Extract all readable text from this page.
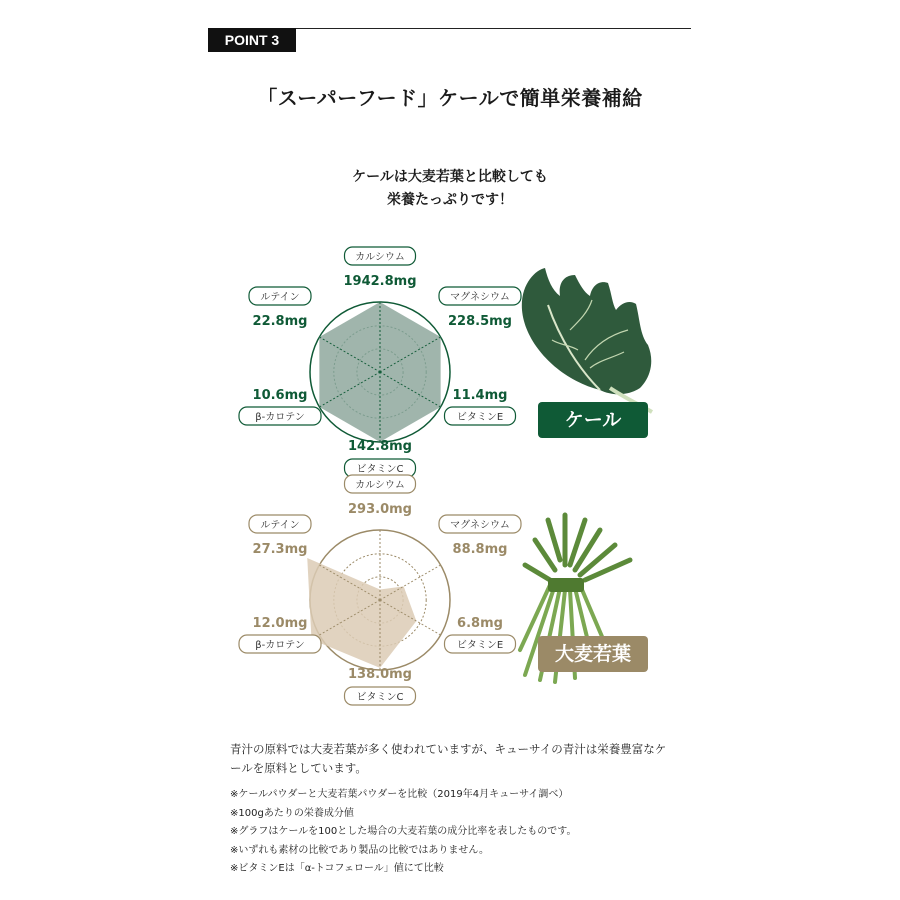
POINT 3
「スーパーフード」ケールで簡単栄養補給
ケールは大麦若葉と比較しても
栄養たっぷりです！
カルシウム
1942.8mg
マグネシウム
228.5mg
ビタミンE
11.4mg
ビタミンC
142.8mg
β-カロテン
10.6mg
ルテイン
22.8mg
カルシウム
293.0mg
マグネシウム
88.8mg
ビタミンE
6.8mg
ビタミンC
138.0mg
β-カロテン
12.0mg
ルテイン
27.3mg
ケール
大麦若葉
青汁の原料では大麦若葉が多く使われていますが、キューサイの青汁は栄養豊富なケールを原料としています。
※ケールパウダーと大麦若葉パウダーを比較（2019年4月キューサイ調べ）
※100gあたりの栄養成分値
※グラフはケールを100とした場合の大麦若葉の成分比率を表したものです。
※いずれも素材の比較であり製品の比較ではありません。
※ビタミンEは「α-トコフェロール」値にて比較
